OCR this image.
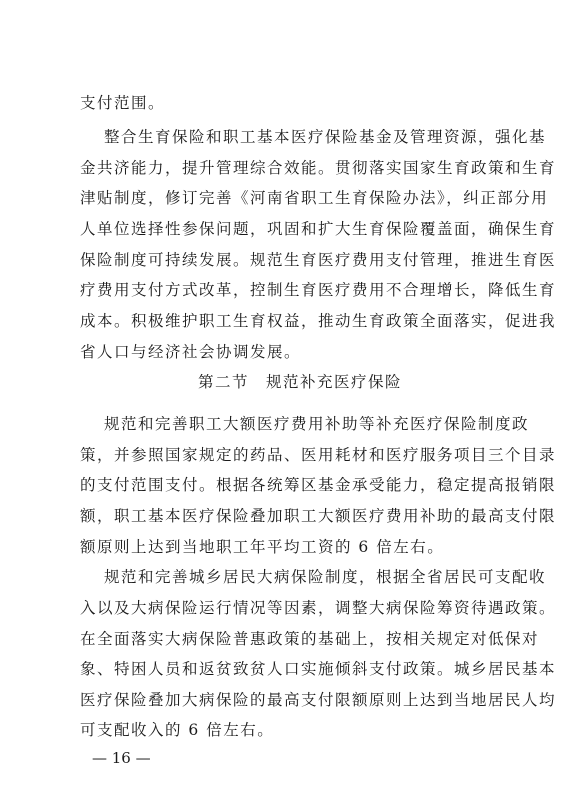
支付范围。
整合生育保险和职工基本医疗保险基金及管理资源，强化基
金共济能力，提升管理综合效能。贯彻落实国家生育政策和生育
津贴制度，修订完善《河南省职工生育保险办法》，纠正部分用
人单位选择性参保问题，巩固和扩大生育保险覆盖面，确保生育
保险制度可持续发展。规范生育医疗费用支付管理，推进生育医
疗费用支付方式改革，控制生育医疗费用不合理增长，降低生育
成本。积极维护职工生育权益，推动生育政策全面落实，促进我
省人口与经济社会协调发展。
第二节　规范补充医疗保险
规范和完善职工大额医疗费用补助等补充医疗保险制度政
策，并参照国家规定的药品、医用耗材和医疗服务项目三个目录
的支付范围支付。根据各统筹区基金承受能力，稳定提高报销限
额，职工基本医疗保险叠加职工大额医疗费用补助的最高支付限
额原则上达到当地职工年平均工资的 6 倍左右。
规范和完善城乡居民大病保险制度，根据全省居民可支配收
入以及大病保险运行情况等因素，调整大病保险筹资待遇政策。
在全面落实大病保险普惠政策的基础上，按相关规定对低保对
象、特困人员和返贫致贫人口实施倾斜支付政策。城乡居民基本
医疗保险叠加大病保险的最高支付限额原则上达到当地居民人均
可支配收入的 6 倍左右。
— 16 —
